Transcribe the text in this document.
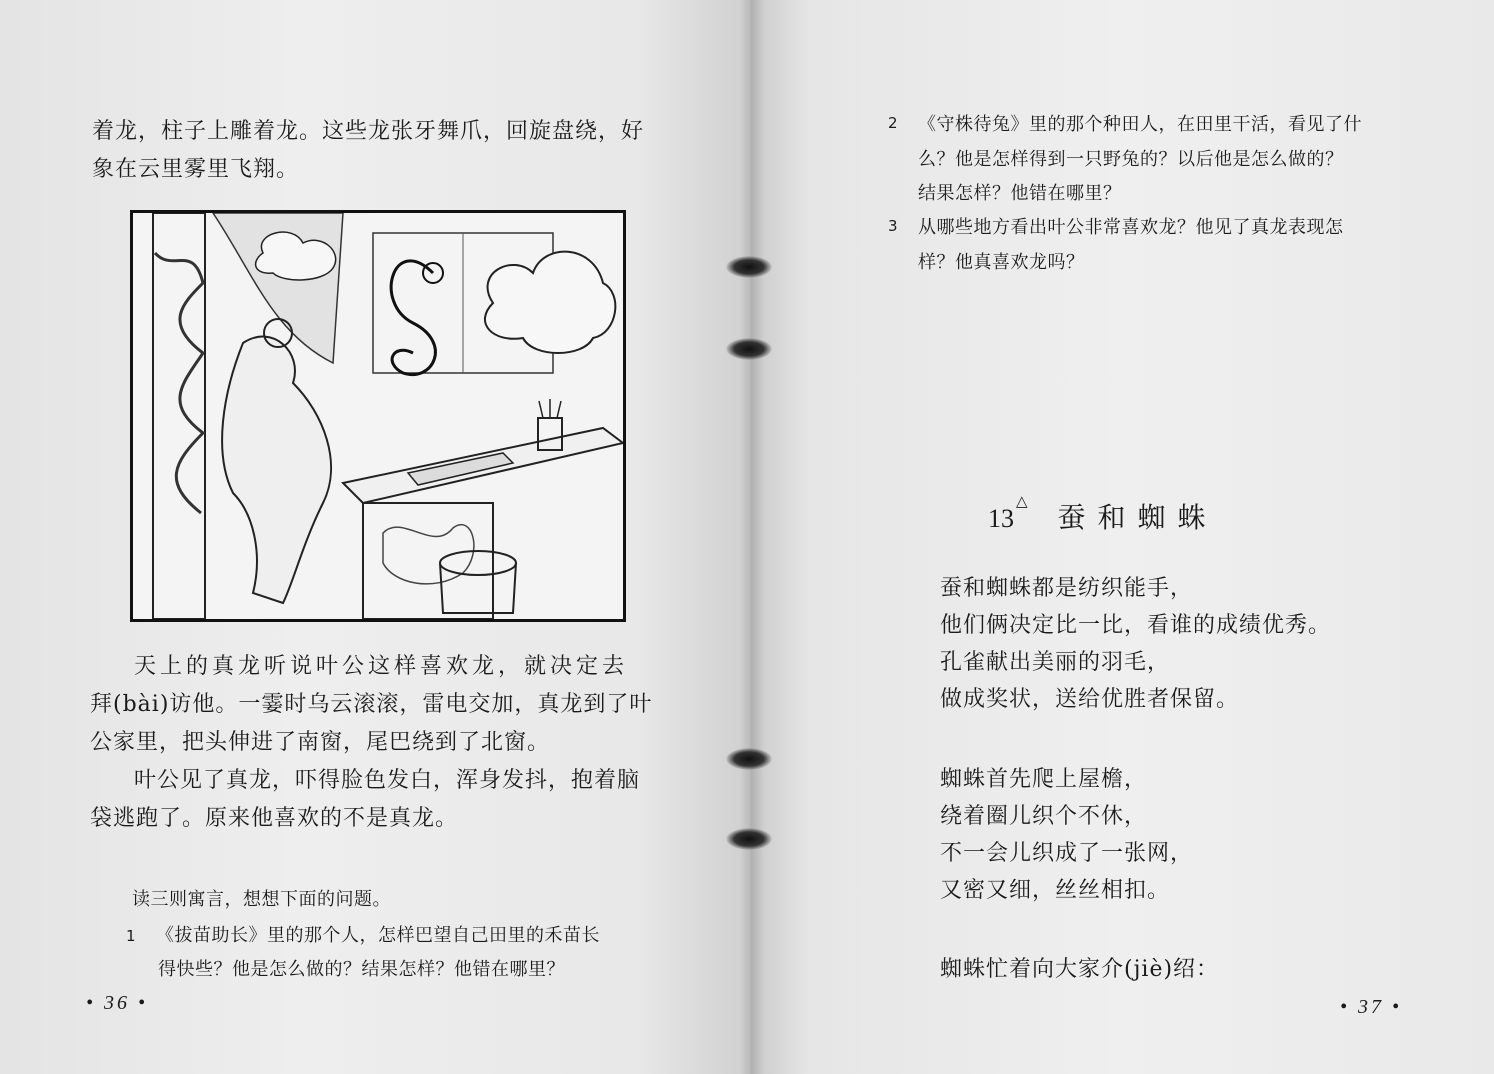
着龙，柱子上雕着龙。这些龙张牙舞爪，回旋盘绕，好
象在云里雾里飞翔。
天上的真龙听说叶公这样喜欢龙，就决定去
拜(bài)访他。一霎时乌云滚滚，雷电交加，真龙到了叶
公家里，把头伸进了南窗，尾巴绕到了北窗。
叶公见了真龙，吓得脸色发白，浑身发抖，抱着脑
袋逃跑了。原来他喜欢的不是真龙。
读三则寓言，想想下面的问题。
1 《拔苗助长》里的那个人，怎样巴望自己田里的禾苗长
得快些？他是怎么做的？结果怎样？他错在哪里？
• 36 •
2 《守株待兔》里的那个种田人，在田里干活，看见了什
么？他是怎样得到一只野兔的？以后他是怎么做的？
结果怎样？他错在哪里？
3 从哪些地方看出叶公非常喜欢龙？他见了真龙表现怎
样？他真喜欢龙吗？
13△ 蚕和蜘蛛
蚕和蜘蛛都是纺织能手，
他们俩决定比一比，看谁的成绩优秀。
孔雀献出美丽的羽毛，
做成奖状，送给优胜者保留。
蜘蛛首先爬上屋檐，
绕着圈儿织个不休，
不一会儿织成了一张网，
又密又细，丝丝相扣。
蜘蛛忙着向大家介(jiè)绍：
• 37 •
